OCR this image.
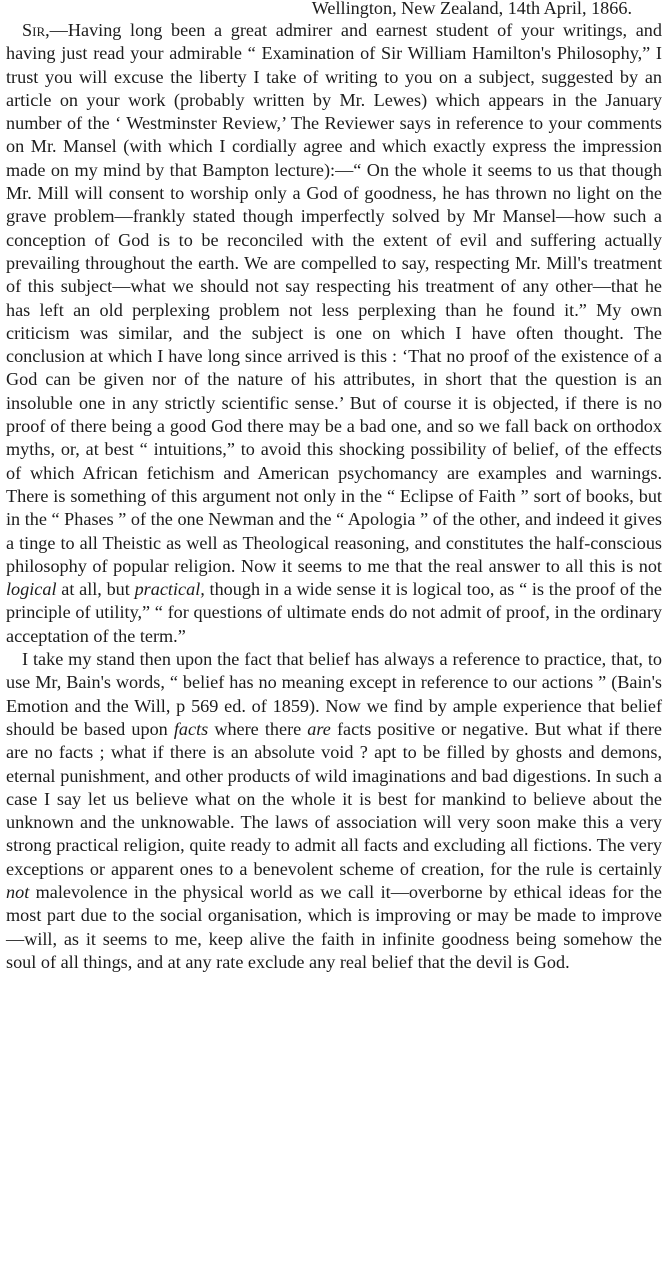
Wellington, New Zealand, 14th April, 1866.

Sir,—Having long been a great admirer and earnest student of your writings, and having just read your admirable “ Examination of Sir William Hamilton's Philosophy,” I trust you will excuse the liberty I take of writing to you on a subject, suggested by an article on your work (probably written by Mr. Lewes) which appears in the January number of the ‘ Westminster Review,’ The Reviewer says in reference to your comments on Mr. Mansel (with which I cordially agree and which exactly express the impression made on my mind by that Bampton lecture):—“ On the whole it seems to us that though Mr. Mill will consent to worship only a God of goodness, he has thrown no light on the grave problem—frankly stated though imperfectly solved by Mr Mansel—how such a conception of God is to be reconciled with the extent of evil and suffering actually prevailing throughout the earth. We are compelled to say, respecting Mr. Mill's treatment of this subject—what we should not say respecting his treatment of any other—that he has left an old perplexing problem not less perplexing than he found it.” My own criticism was similar, and the subject is one on which I have often thought. The conclusion at which I have long since arrived is this : ‘That no proof of the existence of a God can be given nor of the nature of his attributes, in short that the question is an insoluble one in any strictly scientific sense.’ But of course it is objected, if there is no proof of there being a good God there may be a bad one, and so we fall back on orthodox myths, or, at best “ intuitions,” to avoid this shocking possibility of belief, of the effects of which African fetichism and American psychomancy are examples and warnings. There is something of this argument not only in the “ Eclipse of Faith ” sort of books, but in the “ Phases ” of the one Newman and the “ Apologia ” of the other, and indeed it gives a tinge to all Theistic as well as Theological reasoning, and constitutes the half-conscious philosophy of popular religion. Now it seems to me that the real answer to all this is not logical at all, but practical, though in a wide sense it is logical too, as “ is the proof of the principle of utility,” “ for questions of ultimate ends do not admit of proof, in the ordinary acceptation of the term.”

I take my stand then upon the fact that belief has always a reference to practice, that, to use Mr, Bain's words, “ belief has no meaning except in reference to our actions ” (Bain's Emotion and the Will, p 569 ed. of 1859). Now we find by ample experience that belief should be based upon facts where there are facts positive or negative. But what if there are no facts ; what if there is an absolute void ? apt to be filled by ghosts and demons, eternal punishment, and other products of wild imaginations and bad digestions. In such a case I say let us believe what on the whole it is best for mankind to believe about the unknown and the unknowable. The laws of association will very soon make this a very strong practical religion, quite ready to admit all facts and excluding all fictions. The very exceptions or apparent ones to a benevolent scheme of creation, for the rule is certainly not malevolence in the physical world as we call it—overborne by ethical ideas for the most part due to the social organisation, which is improving or may be made to improve—will, as it seems to me, keep alive the faith in infinite goodness being somehow the soul of all things, and at any rate exclude any real belief that the devil is God.
